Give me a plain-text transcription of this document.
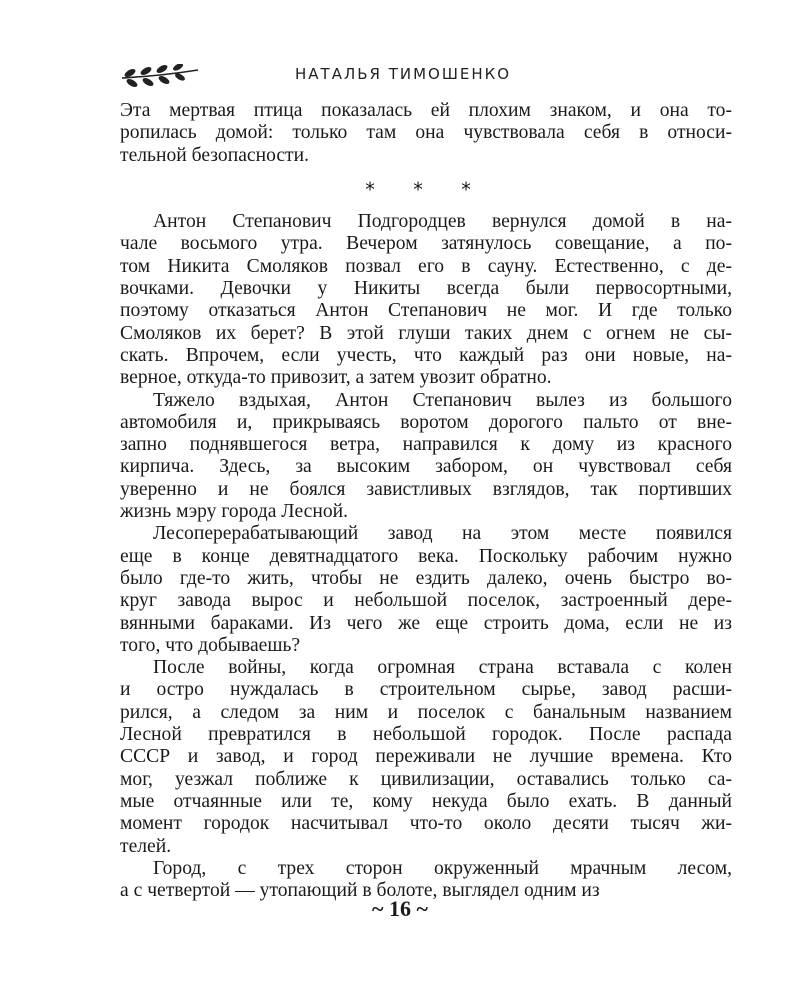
НАТАЛЬЯ ТИМОШЕНКО

Эта мертвая птица показалась ей плохим знаком, и она то-
ропилась домой: только там она чувствовала себя в относи-
тельной безопасности.

* * *

Антон Степанович Подгородцев вернулся домой в на-
чале восьмого утра. Вечером затянулось совещание, а по-
том Никита Смоляков позвал его в сауну. Естественно, с де-
вочками. Девочки у Никиты всегда были первосортными,
поэтому отказаться Антон Степанович не мог. И где только
Смоляков их берет? В этой глуши таких днем с огнем не сы-
скать. Впрочем, если учесть, что каждый раз они новые, на-
верное, откуда-то привозит, а затем увозит обратно.

Тяжело вздыхая, Антон Степанович вылез из большого
автомобиля и, прикрываясь воротом дорогого пальто от вне-
запно поднявшегося ветра, направился к дому из красного
кирпича. Здесь, за высоким забором, он чувствовал себя
уверенно и не боялся завистливых взглядов, так портивших
жизнь мэру города Лесной.

Лесоперерабатывающий завод на этом месте появился
еще в конце девятнадцатого века. Поскольку рабочим нужно
было где-то жить, чтобы не ездить далеко, очень быстро во-
круг завода вырос и небольшой поселок, застроенный дере-
вянными бараками. Из чего же еще строить дома, если не из
того, что добываешь?

После войны, когда огромная страна вставала с колен
и остро нуждалась в строительном сырье, завод расши-
рился, а следом за ним и поселок с банальным названием
Лесной превратился в небольшой городок. После распада
СССР и завод, и город переживали не лучшие времена. Кто
мог, уезжал поближе к цивилизации, оставались только са-
мые отчаянные или те, кому некуда было ехать. В данный
момент городок насчитывал что-то около десяти тысяч жи-
телей.

Город, с трех сторон окруженный мрачным лесом,
а с четвертой — утопающий в болоте, выглядел одним из

~ 16 ~
